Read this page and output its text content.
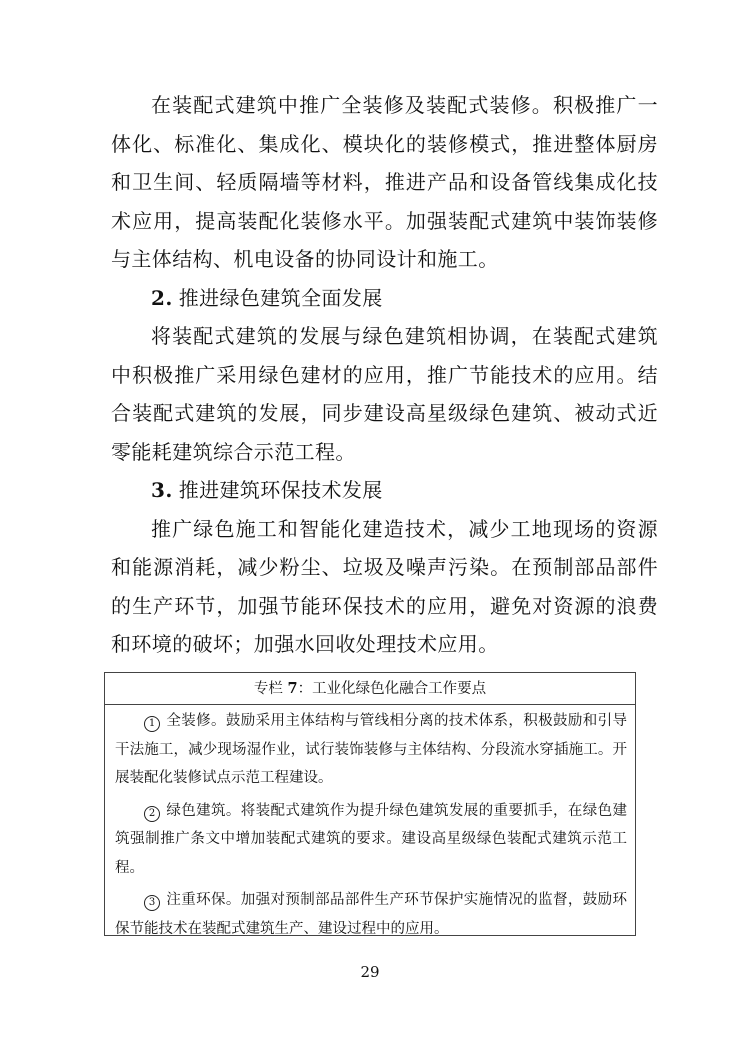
在装配式建筑中推广全装修及装配式装修。积极推广一体化、标准化、集成化、模块化的装修模式，推进整体厨房和卫生间、轻质隔墙等材料，推进产品和设备管线集成化技术应用，提高装配化装修水平。加强装配式建筑中装饰装修与主体结构、机电设备的协同设计和施工。

2. 推进绿色建筑全面发展

将装配式建筑的发展与绿色建筑相协调，在装配式建筑中积极推广采用绿色建材的应用，推广节能技术的应用。结合装配式建筑的发展，同步建设高星级绿色建筑、被动式近零能耗建筑综合示范工程。

3. 推进建筑环保技术发展

推广绿色施工和智能化建造技术，减少工地现场的资源和能源消耗，减少粉尘、垃圾及噪声污染。在预制部品部件的生产环节，加强节能环保技术的应用，避免对资源的浪费和环境的破坏；加强水回收处理技术应用。

专栏 7：工业化绿色化融合工作要点

1 全装修。鼓励采用主体结构与管线相分离的技术体系，积极鼓励和引导干法施工，减少现场湿作业，试行装饰装修与主体结构、分段流水穿插施工。开展装配化装修试点示范工程建设。

2 绿色建筑。将装配式建筑作为提升绿色建筑发展的重要抓手，在绿色建筑强制推广条文中增加装配式建筑的要求。建设高星级绿色装配式建筑示范工程。

3 注重环保。加强对预制部品部件生产环节保护实施情况的监督，鼓励环保节能技术在装配式建筑生产、建设过程中的应用。

29
